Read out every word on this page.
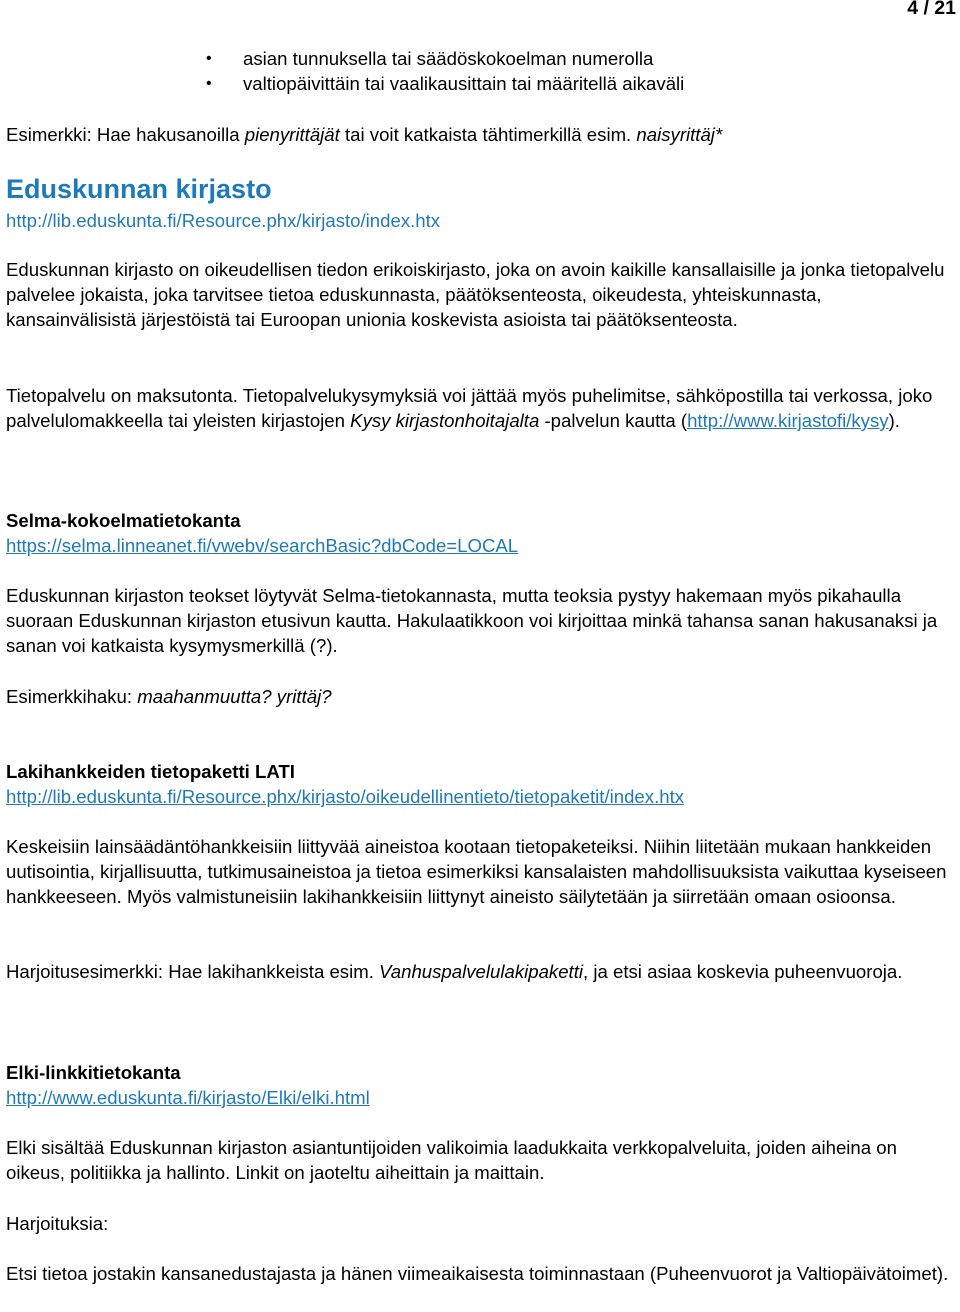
4 / 21
• asian tunnuksella tai säädöskokoelman numerolla
• valtiopäivittäin tai vaalikausittain tai määritellä aikaväli

Esimerkki: Hae hakusanoilla pienyrittäjät tai voit katkaista tähtimerkillä esim. naisyrittäj*

Eduskunnan kirjasto

http://lib.eduskunta.fi/Resource.phx/kirjasto/index.htx

Eduskunnan kirjasto on oikeudellisen tiedon erikoiskirjasto, joka on avoin kaikille kansallaisille ja jonka tietopalvelu palvelee jokaista, joka tarvitsee tietoa eduskunnasta, päätöksenteosta, oikeudesta, yhteiskunnasta, kansainvälisistä järjestöistä tai Euroopan unionia koskevista asioista tai päätöksenteosta.

Tietopalvelu on maksutonta. Tietopalvelukysymyksiä voi jättää myös puhelimitse, sähköpostilla tai verkossa, joko palvelulomakkeella tai yleisten kirjastojen Kysy kirjastonhoitajalta -palvelun kautta (http://www.kirjastofi/kysy).

Selma-kokoelmatietokanta

https://selma.linneanet.fi/vwebv/searchBasic?dbCode=LOCAL

Eduskunnan kirjaston teokset löytyvät Selma-tietokannasta, mutta teoksia pystyy hakemaan myös pikahaulla suoraan Eduskunnan kirjaston etusivun kautta. Hakulaatikkoon voi kirjoittaa minkä tahansa sanan hakusanaksi ja sanan voi katkaista kysymysmerkillä (?).

Esimerkkihaku: maahanmuutta? yrittäj?

Lakihankkeiden tietopaketti LATI

http://lib.eduskunta.fi/Resource.phx/kirjasto/oikeudellinentieto/tietopaketit/index.htx

Keskeisiin lainsäädäntöhankkeisiin liittyvää aineistoa kootaan tietopaketeiksi. Niihin liitetään mukaan hankkeiden uutisointia, kirjallisuutta, tutkimusaineistoa ja tietoa esimerkiksi kansalaisten mahdollisuuksista vaikuttaa kyseiseen hankkeeseen. Myös valmistuneisiin lakihankkeisiin liittynyt aineisto säilytetään ja siirretään omaan osioonsa.

Harjoitusesimerkki: Hae lakihankkeista esim. Vanhuspalvelulakipaketti, ja etsi asiaa koskevia puheenvuoroja.

Elki-linkkitietokanta

http://www.eduskunta.fi/kirjasto/Elki/elki.html

Elki sisältää Eduskunnan kirjaston asiantuntijoiden valikoimia laadukkaita verkkopalveluita, joiden aiheina on oikeus, politiikka ja hallinto. Linkit on jaoteltu aiheittain ja maittain.

Harjoituksia:

Etsi tietoa jostakin kansanedustajasta ja hänen viimeaikaisesta toiminnastaan (Puheenvuorot ja Valtiopäivätoimet).
